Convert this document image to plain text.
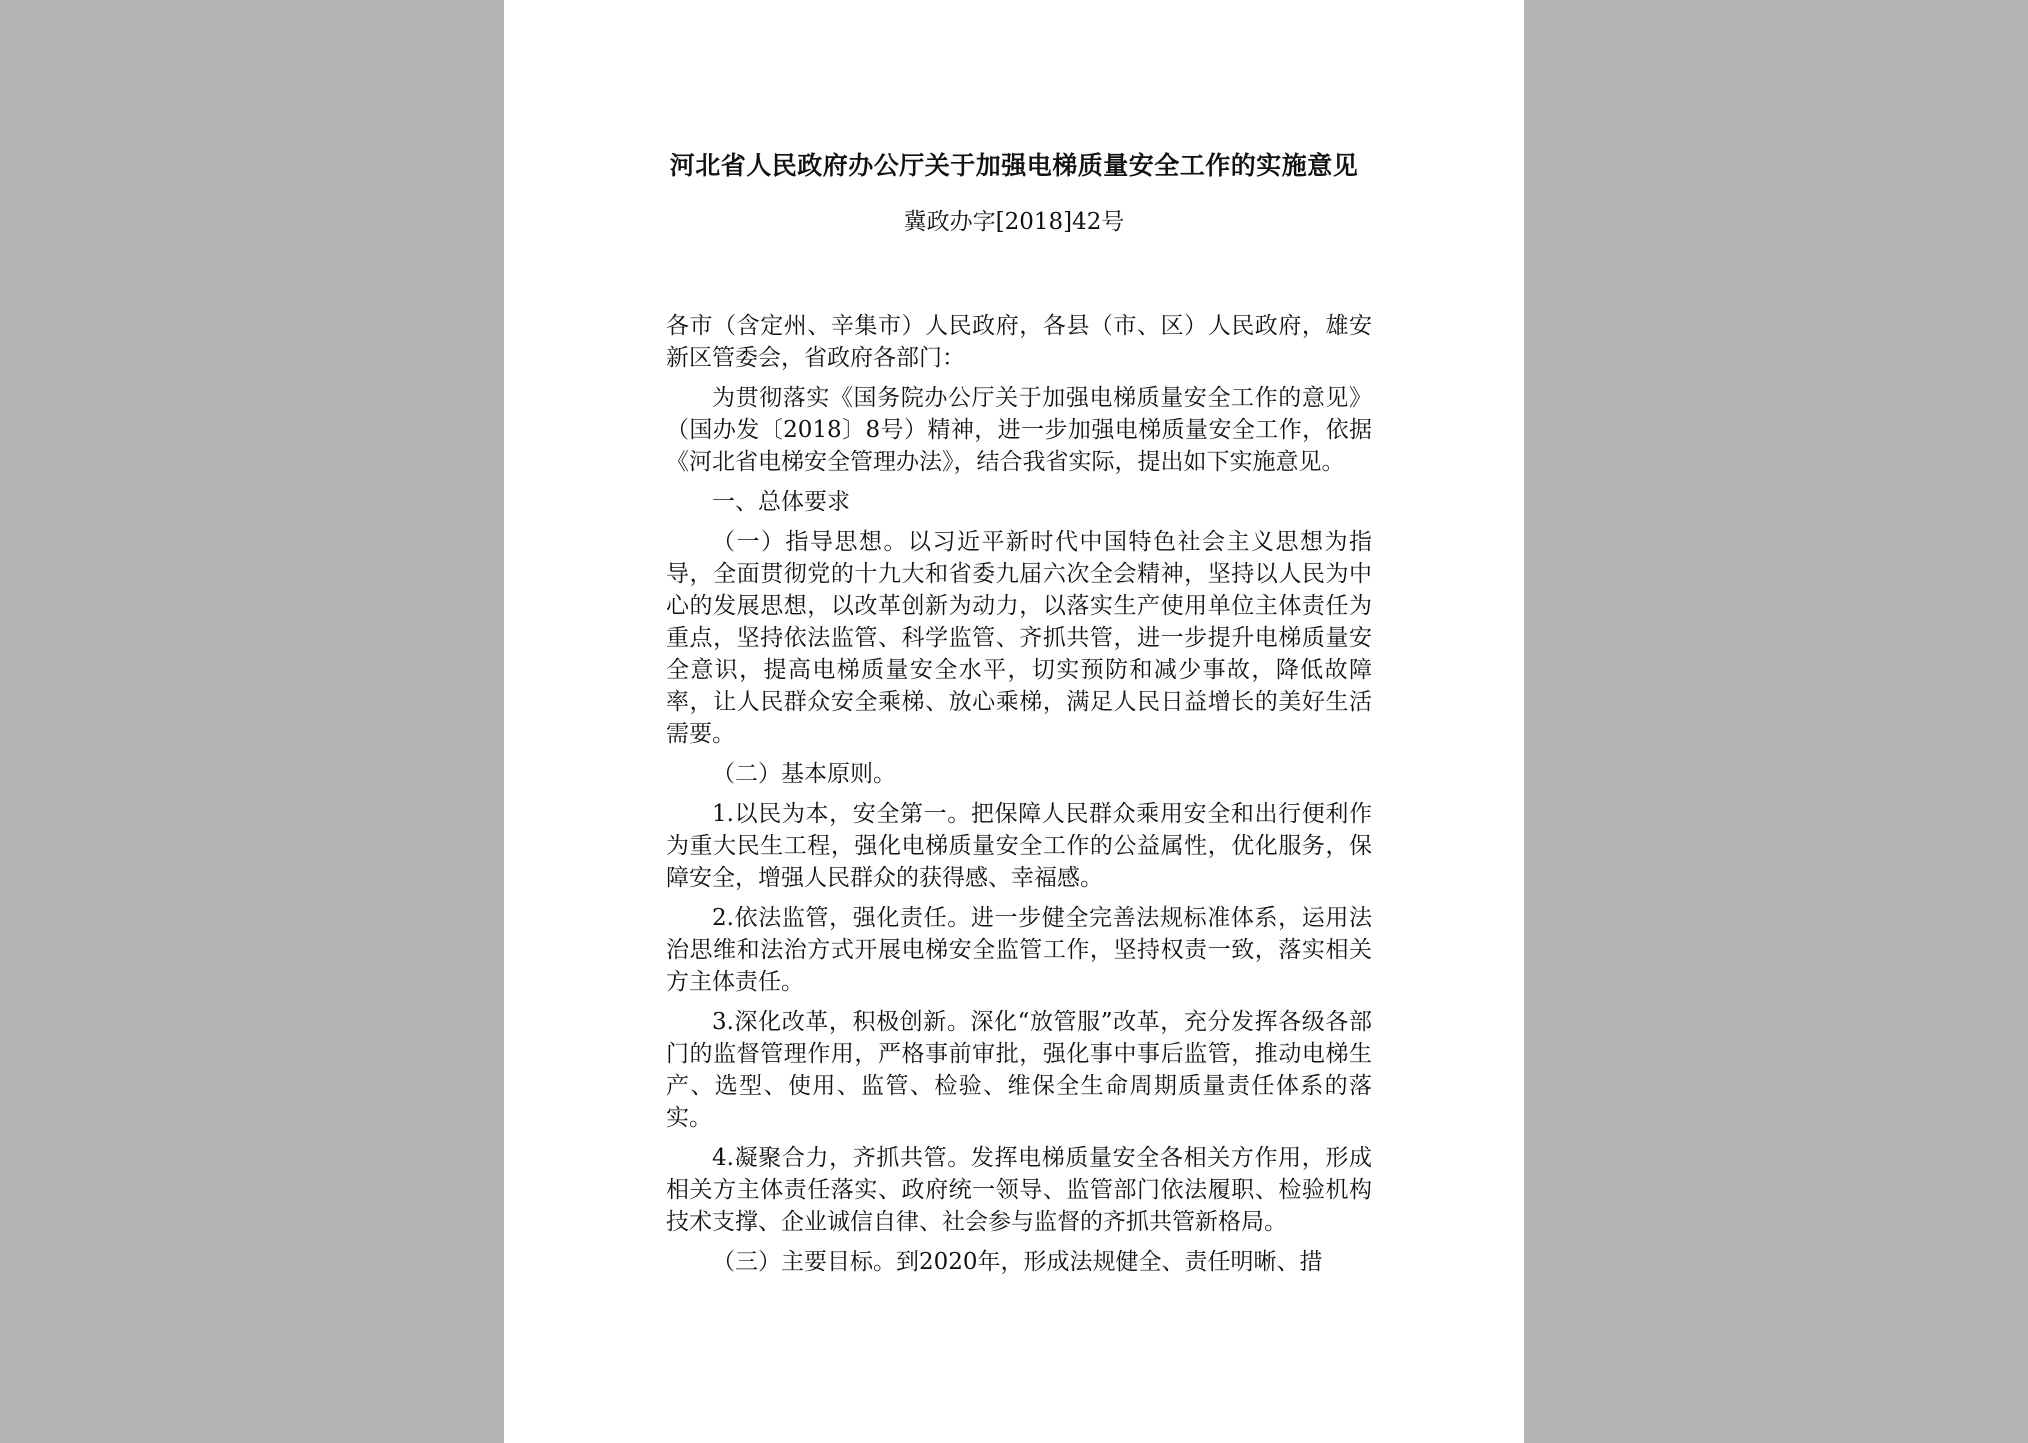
河北省人民政府办公厅关于加强电梯质量安全工作的实施意见
冀政办字[2018]42号

各市（含定州、辛集市）人民政府，各县（市、区）人民政府，雄安新区管委会，省政府各部门：

为贯彻落实《国务院办公厅关于加强电梯质量安全工作的意见》（国办发〔2018〕8号）精神，进一步加强电梯质量安全工作，依据《河北省电梯安全管理办法》，结合我省实际，提出如下实施意见。

一、总体要求

（一）指导思想。以习近平新时代中国特色社会主义思想为指导，全面贯彻党的十九大和省委九届六次全会精神，坚持以人民为中心的发展思想，以改革创新为动力，以落实生产使用单位主体责任为重点，坚持依法监管、科学监管、齐抓共管，进一步提升电梯质量安全意识，提高电梯质量安全水平，切实预防和减少事故，降低故障率，让人民群众安全乘梯、放心乘梯，满足人民日益增长的美好生活需要。

（二）基本原则。

1.以民为本，安全第一。把保障人民群众乘用安全和出行便利作为重大民生工程，强化电梯质量安全工作的公益属性，优化服务，保障安全，增强人民群众的获得感、幸福感。

2.依法监管，强化责任。进一步健全完善法规标准体系，运用法治思维和法治方式开展电梯安全监管工作，坚持权责一致，落实相关方主体责任。

3.深化改革，积极创新。深化“放管服”改革，充分发挥各级各部门的监督管理作用，严格事前审批，强化事中事后监管，推动电梯生产、选型、使用、监管、检验、维保全生命周期质量责任体系的落实。

4.凝聚合力，齐抓共管。发挥电梯质量安全各相关方作用，形成相关方主体责任落实、政府统一领导、监管部门依法履职、检验机构技术支撑、企业诚信自律、社会参与监督的齐抓共管新格局。

（三）主要目标。到2020年，形成法规健全、责任明晰、措
